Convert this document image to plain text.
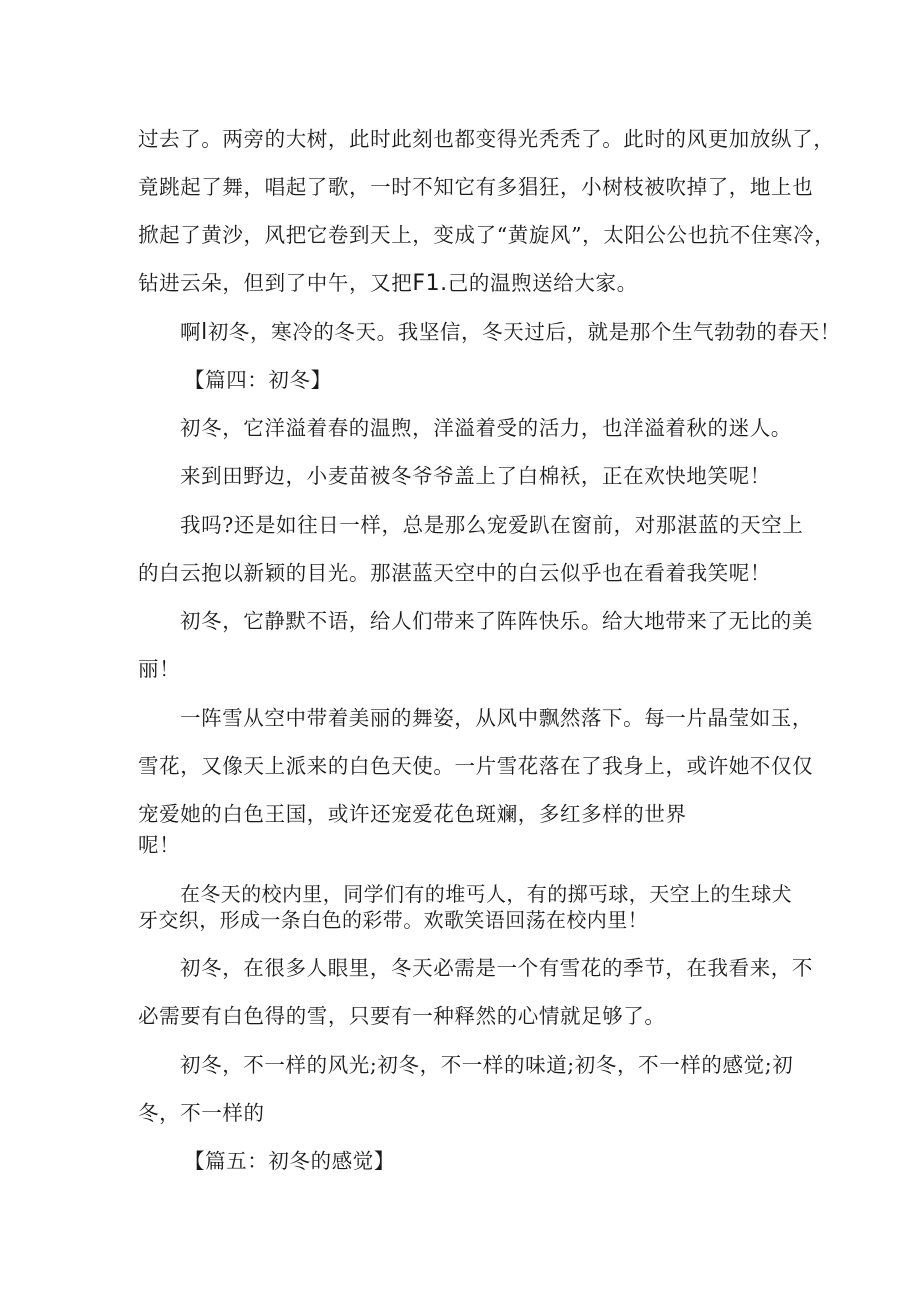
过去了。两旁的大树，此时此刻也都变得光秃秃了。此时的风更加放纵了，
竟跳起了舞，唱起了歌，一时不知它有多猖狂，小树枝被吹掉了，地上也
掀起了黄沙，风把它卷到天上，变成了“黄旋风”，太阳公公也抗不住寒冷，
钻进云朵，但到了中午，又把F1.己的温煦送给大家。
啊l初冬，寒冷的冬天。我坚信，冬天过后，就是那个生气勃勃的春天！
【篇四：初冬】
初冬，它洋溢着春的温煦，洋溢着受的活力，也洋溢着秋的迷人。
来到田野边，小麦苗被冬爷爷盖上了白棉袄，正在欢快地笑呢！
我吗?还是如往日一样，总是那么宠爱趴在窗前，对那湛蓝的天空上
的白云抱以新颖的目光。那湛蓝天空中的白云似乎也在看着我笑呢！
初冬，它静默不语，给人们带来了阵阵快乐。给大地带来了无比的美
丽！
一阵雪从空中带着美丽的舞姿，从风中飘然落下。每一片晶莹如玉，
雪花，又像天上派来的白色天使。一片雪花落在了我身上，或许她不仅仅
宠爱她的白色王国，或许还宠爱花色斑斓，多红多样的世界
呢！
在冬天的校内里，同学们有的堆丐人，有的掷丐球，天空上的生球犬
牙交织，形成一条白色的彩带。欢歌笑语回荡在校内里！
初冬，在很多人眼里，冬天必需是一个有雪花的季节，在我看来，不
必需要有白色得的雪，只要有一种释然的心情就足够了。
初冬，不一样的风光;初冬，不一样的味道;初冬，不一样的感觉;初
冬，不一样的
【篇五：初冬的感觉】
